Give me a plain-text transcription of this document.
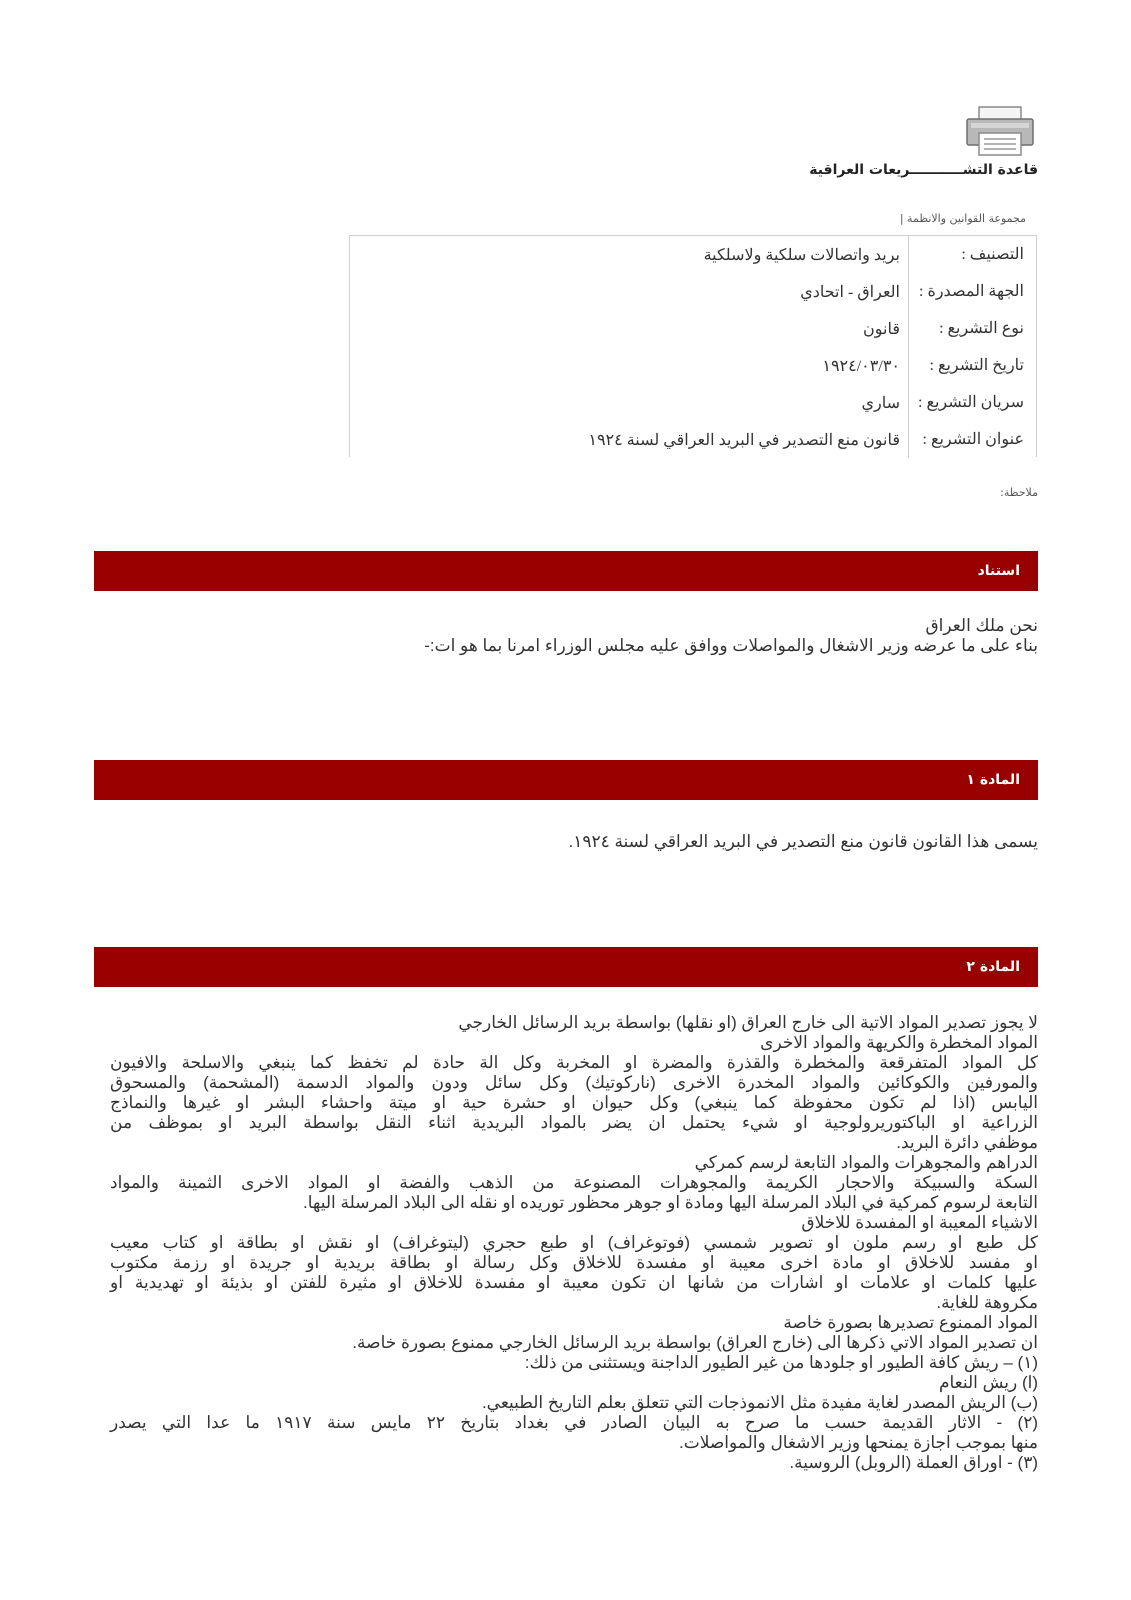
قاعدة التشـــــــــــريعات العراقية
مجموعة القوانين والانظمة |
التصنيف :
بريد واتصالات سلكية ولاسلكية
الجهة المصدرة :
العراق - اتحادي
نوع التشريع :
قانون
تاريخ التشريع :
١٩٢٤/٠٣/٣٠
سريان التشريع :
ساري
عنوان التشريع :
قانون منع التصدير في البريد العراقي لسنة ١٩٢٤
ملاحظة:
استناد
نحن ملك العراق
بناء على ما عرضه وزير الاشغال والمواصلات ووافق عليه مجلس الوزراء امرنا بما هو ات:-
المادة ١
يسمى هذا القانون قانون منع التصدير في البريد العراقي لسنة ١٩٢٤.
المادة ٢
لا يجوز تصدير المواد الاتية الى خارج العراق (او نقلها) بواسطة بريد الرسائل الخارجي
المواد المخطرة والكريهة والمواد الاخرى
كل المواد المتفرقعة والمخطرة والقذرة والمضرة او المخربة وكل الة حادة لم تخفظ كما ينبغي والاسلحة والافيون
والمورفين والكوكائين والمواد المخدرة الاخرى (ناركوتيك) وكل سائل ودون والمواد الدسمة (المشحمة) والمسحوق
اليابس (اذا لم تكون محفوظة كما ينبغي) وكل حيوان او حشرة حية او ميتة واحشاء البشر او غيرها والنماذج
الزراعية او الباكتوريرولوجية او شيء يحتمل ان يضر بالمواد البريدية اثناء النقل بواسطة البريد او بموظف من
موظفي دائرة البريد.
الدراهم والمجوهرات والمواد التابعة لرسم كمركي
السكة والسبيكة والاحجار الكريمة والمجوهرات المصنوعة من الذهب والفضة او المواد الاخرى الثمينة والمواد
التابعة لرسوم كمركية في البلاد المرسلة اليها ومادة او جوهر محظور توريده او نقله الى البلاد المرسلة اليها.
الاشياء المعيبة او المفسدة للاخلاق
كل طبع او رسم ملون او تصوير شمسي (فوتوغراف) او طبع حجري (ليتوغراف) او نقش او بطاقة او كتاب معيب
او مفسد للاخلاق او مادة اخرى معيبة او مفسدة للاخلاق وكل رسالة او بطاقة بريدية او جريدة او رزمة مكتوب
عليها كلمات او علامات او اشارات من شانها ان تكون معيبة او مفسدة للاخلاق او مثيرة للفتن او بذيئة او تهديدية او
مكروهة للغاية.
المواد الممنوع تصديرها بصورة خاصة
ان تصدير المواد الاتي ذكرها الى (خارج العراق) بواسطة بريد الرسائل الخارجي ممنوع بصورة خاصة.
(١) – ريش كافة الطيور او جلودها من غير الطيور الداجنة ويستثنى من ذلك:
(ا) ريش النعام
(ب) الريش المصدر لغاية مفيدة مثل الانموذجات التي تتعلق بعلم التاريخ الطبيعي.
(٢) - الاثار القديمة حسب ما صرح به البيان الصادر في بغداد بتاريخ ٢٢ مايس سنة ١٩١٧ ما عدا التي يصدر
منها بموجب اجازة يمنحها وزير الاشغال والمواصلات.
(٣) - اوراق العملة (الروبل) الروسية.
